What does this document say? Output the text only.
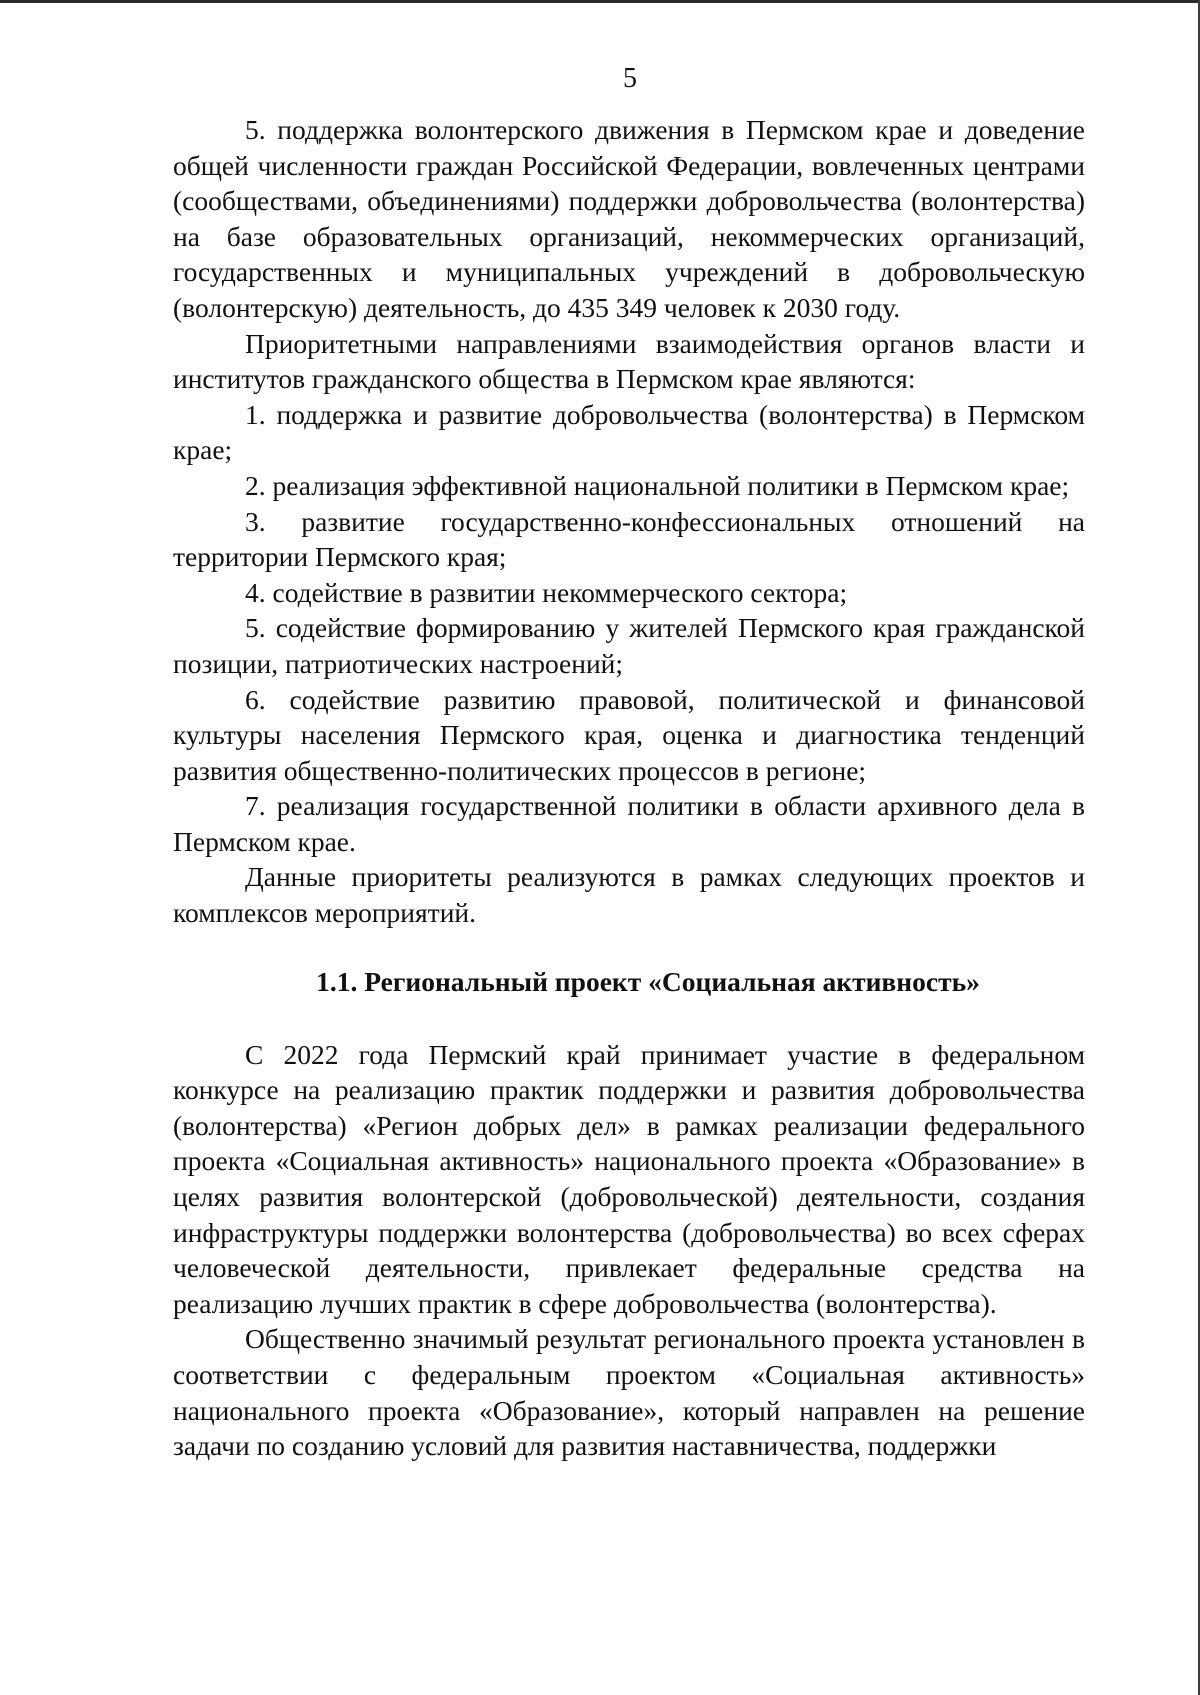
5

5. поддержка волонтерского движения в Пермском крае и доведение общей численности граждан Российской Федерации, вовлеченных центрами (сообществами, объединениями) поддержки добровольчества (волонтерства) на базе образовательных организаций, некоммерческих организаций, государственных и муниципальных учреждений в добровольческую (волонтерскую) деятельность, до 435 349 человек к 2030 году.

Приоритетными направлениями взаимодействия органов власти и институтов гражданского общества в Пермском крае являются:

1. поддержка и развитие добровольчества (волонтерства) в Пермском крае;

2. реализация эффективной национальной политики в Пермском крае;

3. развитие государственно-конфессиональных отношений на территории Пермского края;

4. содействие в развитии некоммерческого сектора;

5. содействие формированию у жителей Пермского края гражданской позиции, патриотических настроений;

6. содействие развитию правовой, политической и финансовой культуры населения Пермского края, оценка и диагностика тенденций развития общественно-политических процессов в регионе;

7. реализация государственной политики в области архивного дела в Пермском крае.

Данные приоритеты реализуются в рамках следующих проектов и комплексов мероприятий.

1.1. Региональный проект «Социальная активность»

С 2022 года Пермский край принимает участие в федеральном конкурсе на реализацию практик поддержки и развития добровольчества (волонтерства) «Регион добрых дел» в рамках реализации федерального проекта «Социальная активность» национального проекта «Образование» в целях развития волонтерской (добровольческой) деятельности, создания инфраструктуры поддержки волонтерства (добровольчества) во всех сферах человеческой деятельности, привлекает федеральные средства на реализацию лучших практик в сфере добровольчества (волонтерства).

Общественно значимый результат регионального проекта установлен в соответствии с федеральным проектом «Социальная активность» национального проекта «Образование», который направлен на решение задачи по созданию условий для развития наставничества, поддержки
